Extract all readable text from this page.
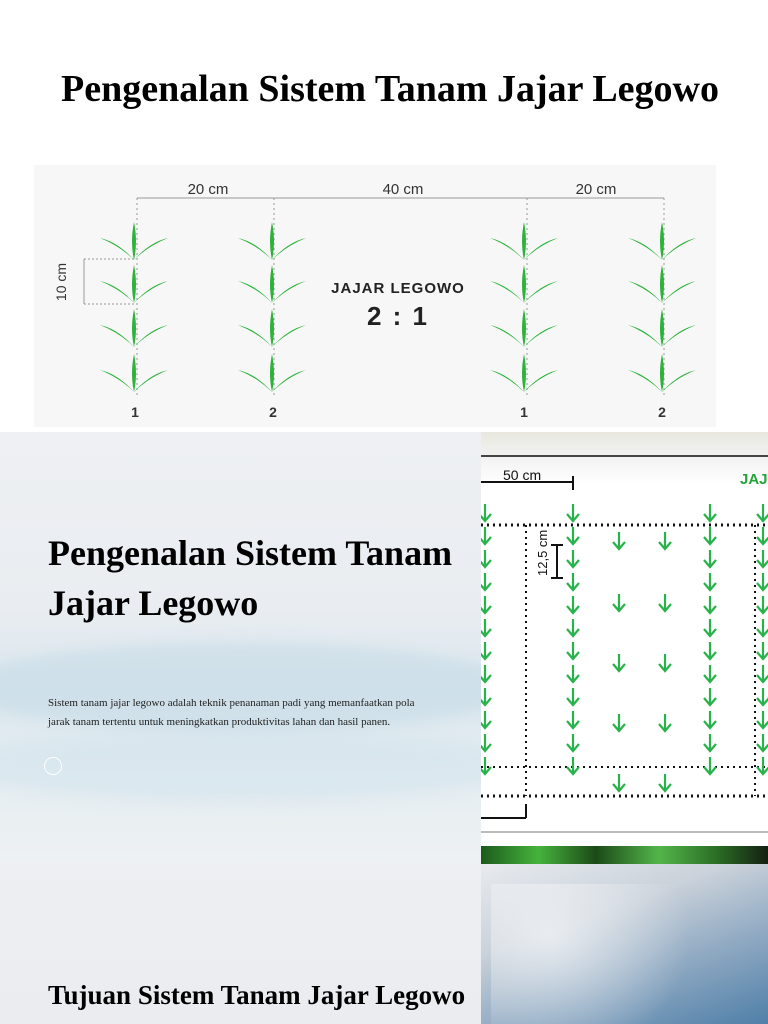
Pengenalan Sistem Tanam Jajar Legowo
20 cm	40 cm	20 cm
10 cm	JAJAR LEGOWO
2 : 1
1	2	1	2
Pengenalan Sistem Tanam Jajar Legowo

Sistem tanam jajar legowo adalah teknik penanaman padi yang memanfaatkan pola jarak tanam tertentu untuk meningkatkan produktivitas lahan dan hasil panen.

50 cm	JAJ
12,5 cm
Tujuan Sistem Tanam Jajar Legowo
